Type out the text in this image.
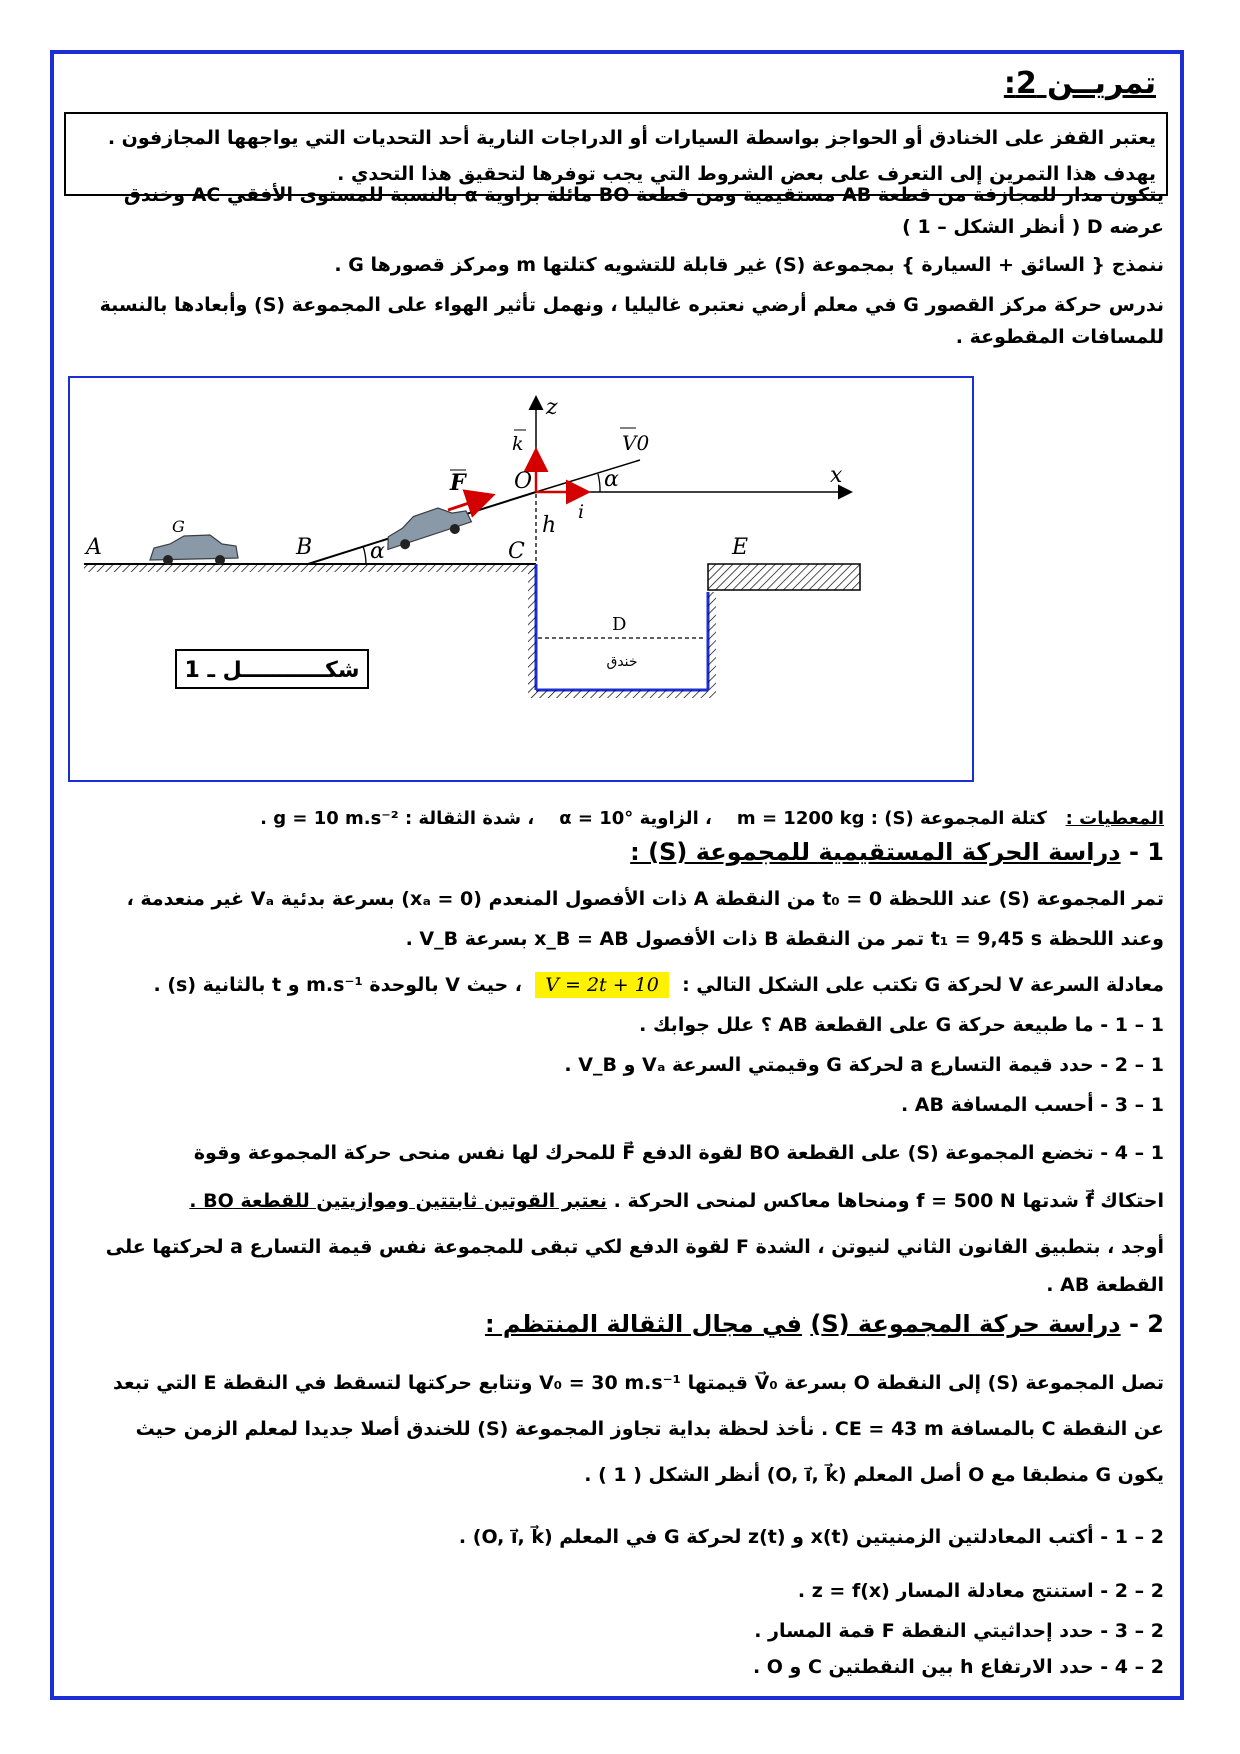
تمريــن 2:
يعتبر القفز على الخنادق أو الحواجز بواسطة السيارات أو الدراجات النارية أحد التحديات التي يواجهها المجازفون .
يهدف هذا التمرين إلى التعرف على بعض الشروط التي يجب توفرها لتحقيق هذا التحدي .
يتكون مدار للمجازفة من قطعة AB مستقيمية ومن قطعة BO مائلة بزاوية α بالنسبة للمستوى الأفقي AC وخندق
عرضه D ( أنظر الشكل – 1 )
ننمذج { السائق + السيارة } بمجموعة (S) غير قابلة للتشويه كتلتها m ومركز قصورها G .
ندرس حركة مركز القصور G في معلم أرضي نعتبره غاليليا ، ونهمل تأثير الهواء على المجموعة (S) وأبعادها بالنسبة
للمسافات المقطوعة .
A	B	C	E
O
G
z
x
k
i
V0
F
h
α
α
D
خندق
شكـــــــــــل ـ 1
المعطيات :   كتلة المجموعة (S) : m = 1200 kg    ، الزاوية α = 10°    ، شدة الثقالة : g = 10 m.s⁻² .
1 - دراسة الحركة المستقيمية للمجموعة (S) :
تمر المجموعة (S) عند اللحظة t₀ = 0 من النقطة A ذات الأفصول المنعدم (xₐ = 0) بسرعة بدئية Vₐ غير منعدمة ،
وعند اللحظة t₁ = 9,45 s تمر من النقطة B ذات الأفصول x_B = AB بسرعة V_B .
معادلة السرعة V لحركة G تكتب على الشكل التالي :  V = 2t + 10  ، حيث V بالوحدة m.s⁻¹ و t بالثانية (s) .
1 – 1 - ما طبيعة حركة G على القطعة AB ؟ علل جوابك .
1 – 2 - حدد قيمة التسارع a لحركة G وقيمتي السرعة Vₐ و V_B .
1 – 3 - أحسب المسافة AB .
1 – 4 - تخضع المجموعة (S) على القطعة BO لقوة الدفع F⃗ للمحرك لها نفس منحى حركة المجموعة وقوة
احتكاك f⃗ شدتها f = 500 N ومنحاها معاكس لمنحى الحركة . نعتبر القوتين ثابتتين وموازيتين للقطعة BO .
أوجد ، بتطبيق القانون الثاني لنيوتن ، الشدة F لقوة الدفع لكي تبقى للمجموعة نفس قيمة التسارع a لحركتها على
القطعة AB .
2 - دراسة حركة المجموعة (S) في مجال الثقالة المنتظم :
تصل المجموعة (S) إلى النقطة O بسرعة V⃗₀ قيمتها V₀ = 30 m.s⁻¹ وتتابع حركتها لتسقط في النقطة E التي تبعد
عن النقطة C بالمسافة CE = 43 m . نأخذ لحظة بداية تجاوز المجموعة (S) للخندق أصلا جديدا لمعلم الزمن حيث
يكون G منطبقا مع O أصل المعلم (O, i⃗, k⃗) أنظر الشكل ( 1 ) .
2 – 1 - أكتب المعادلتين الزمنيتين x(t) و z(t) لحركة G في المعلم (O, i⃗, k⃗) .
2 – 2 - استنتج معادلة المسار z = f(x) .
2 – 3 - حدد إحداثيتي النقطة F قمة المسار .
2 – 4 - حدد الارتفاع h بين النقطتين C و O .
